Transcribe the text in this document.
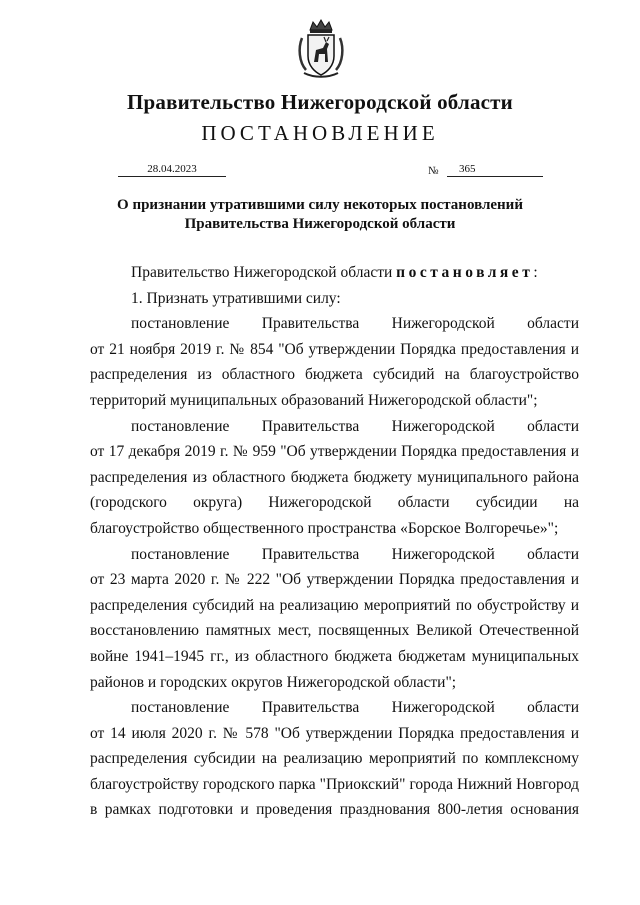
Правительство Нижегородской области
ПОСТАНОВЛЕНИЕ
28.04.2023	№	365
О признании утратившими силу некоторых постановлений
Правительства Нижегородской области

Правительство Нижегородской области постановляет:

1. Признать утратившими силу:

постановление Правительства Нижегородской области

от 21 ноября 2019 г. № 854 "Об утверждении Порядка предоставления и распределения из областного бюджета субсидий на благоустройство территорий муниципальных образований Нижегородской области";

постановление Правительства Нижегородской области

от 17 декабря 2019 г. № 959 "Об утверждении Порядка предоставления и распределения из областного бюджета бюджету муниципального района (городского округа) Нижегородской области субсидии на благоустройство общественного пространства «Борское Волгоречье»";

постановление Правительства Нижегородской области

от 23 марта 2020 г. № 222 "Об утверждении Порядка предоставления и распределения субсидий на реализацию мероприятий по обустройству и восстановлению памятных мест, посвященных Великой Отечественной войне 1941–1945 гг., из областного бюджета бюджетам муниципальных районов и городских округов Нижегородской области";

постановление Правительства Нижегородской области

от 14 июля 2020 г. № 578 "Об утверждении Порядка предоставления и распределения субсидии на реализацию мероприятий по комплексному благоустройству городского парка "Приокский" города Нижний Новгород в рамках подготовки и проведения празднования 800-летия основания
